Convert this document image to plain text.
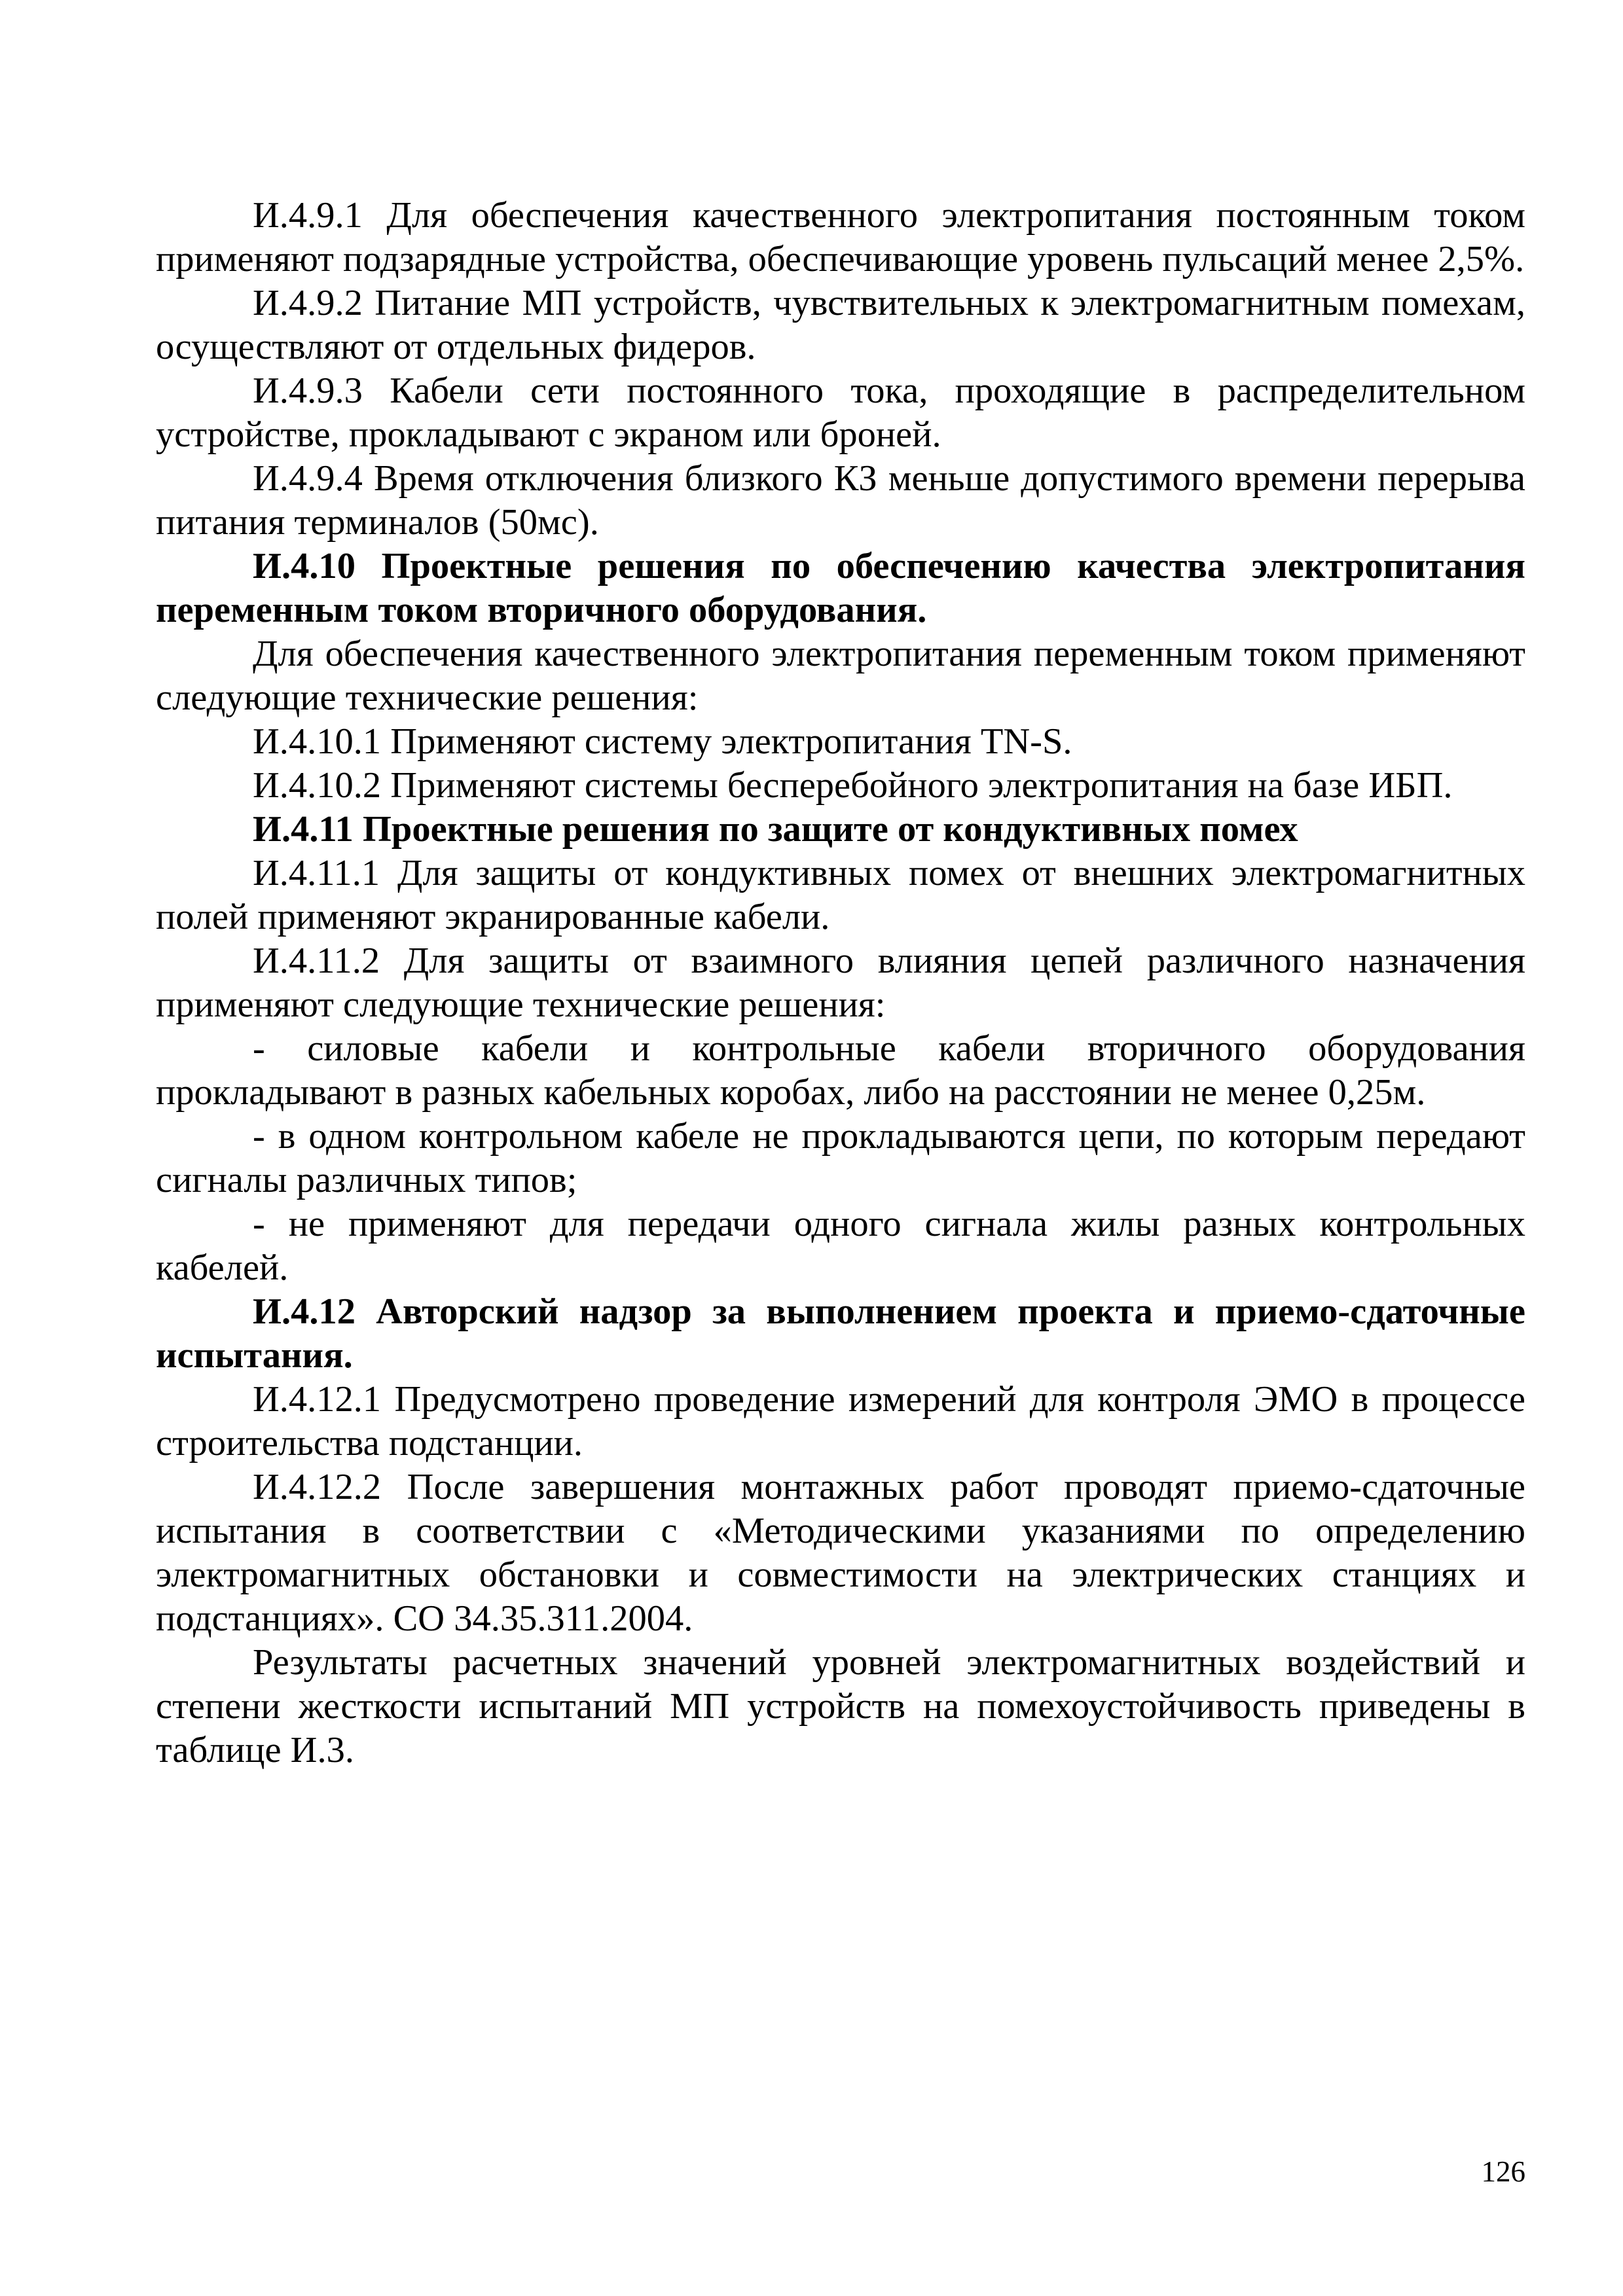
И.4.9.1 Для обеспечения качественного электропитания постоянным током применяют подзарядные устройства, обеспечивающие уровень пульсаций менее 2,5%.

И.4.9.2 Питание МП устройств, чувствительных к электромагнитным помехам, осуществляют от отдельных фидеров.

И.4.9.3 Кабели сети постоянного тока, проходящие в распределительном устройстве, прокладывают с экраном или броней.

И.4.9.4 Время отключения близкого КЗ меньше допустимого времени перерыва питания терминалов (50мс).

И.4.10 Проектные решения по обеспечению качества электропитания переменным током вторичного оборудования.

Для обеспечения качественного электропитания переменным током применяют следующие технические решения:

И.4.10.1 Применяют систему электропитания TN-S.

И.4.10.2 Применяют системы бесперебойного электропитания на базе ИБП.

И.4.11 Проектные решения по защите от кондуктивных помех

И.4.11.1 Для защиты от кондуктивных помех от внешних электромагнитных полей применяют экранированные кабели.

И.4.11.2 Для защиты от взаимного влияния цепей различного назначения применяют следующие технические решения:

- силовые кабели и контрольные кабели вторичного оборудования прокладывают в разных кабельных коробах, либо на расстоянии не менее 0,25м.

- в одном контрольном кабеле не прокладываются цепи, по которым передают сигналы различных типов;

- не применяют для передачи одного сигнала жилы разных контрольных кабелей.

И.4.12 Авторский надзор за выполнением проекта и приемо-сдаточные испытания.

И.4.12.1 Предусмотрено проведение измерений для контроля ЭМО в процессе строительства подстанции.

И.4.12.2 После завершения монтажных работ проводят приемо-сдаточные испытания в соответствии с «Методическими указаниями по определению электромагнитных обстановки и совместимости на электрических станциях и подстанциях». СО 34.35.311.2004.

Результаты расчетных значений уровней электромагнитных воздействий и степени жесткости испытаний МП устройств на помехоустойчивость приведены в таблице И.3.

126
